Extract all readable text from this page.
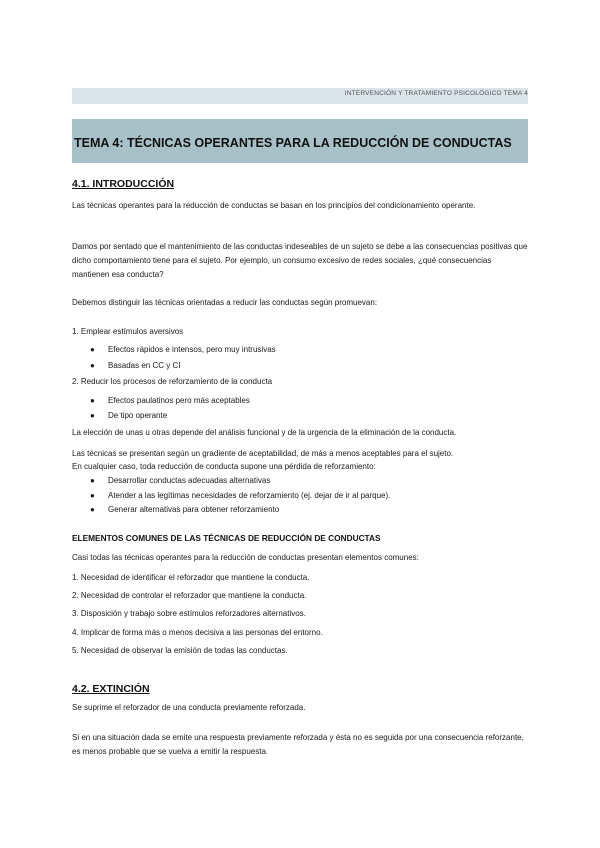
INTERVENCIÓN Y TRATAMIENTO PSICOLÓGICO TEMA 4
TEMA 4: TÉCNICAS OPERANTES PARA LA REDUCCIÓN DE CONDUCTAS
4.1. INTRODUCCIÓN
Las técnicas operantes para la reducción de conductas se basan en los principios del condicionamiento operante.
Damos por sentado que el mantenimiento de las conductas indeseables de un sujeto se debe a las consecuencias positivas que dicho comportamiento tiene para el sujeto. Por ejemplo, un consumo excesivo de redes sociales, ¿qué consecuencias mantienen esa conducta?
Debemos distinguir las técnicas orientadas a reducir las conductas según promuevan:
1. Emplear estímulos aversivos
● Efectos rápidos e intensos, pero muy intrusivas
● Basadas en CC y CI
2. Reducir los procesos de reforzamiento de la conducta
● Efectos paulatinos pero más aceptables
● De tipo operante
La elección de unas u otras depende del análisis funcional y de la urgencia de la eliminación de la conducta.
Las técnicas se presentan según un gradiente de aceptabilidad, de más a menos aceptables para el sujeto.
En cualquier caso, toda reducción de conducta supone una pérdida de reforzamiento:
● Desarrollar conductas adecuadas alternativas
● Atender a las legítimas necesidades de reforzamiento (ej. dejar de ir al parque).
● Generar alternativas para obtener reforzamiento
ELEMENTOS COMUNES DE LAS TÉCNICAS DE REDUCCIÓN DE CONDUCTAS
Casi todas las técnicas operantes para la reducción de conductas presentan elementos comunes:
1. Necesidad de identificar el reforzador que mantiene la conducta.
2. Necesidad de controlar el reforzador que mantiene la conducta.
3. Disposición y trabajo sobre estímulos reforzadores alternativos.
4. Implicar de forma más o menos decisiva a las personas del entorno.
5. Necesidad de observar la emisión de todas las conductas.
4.2. EXTINCIÓN
Se suprime el reforzador de una conducta previamente reforzada.
Si en una situación dada se emite una respuesta previamente reforzada y ésta no es seguida por una consecuencia reforzante, es menos probable que se vuelva a emitir la respuesta.
